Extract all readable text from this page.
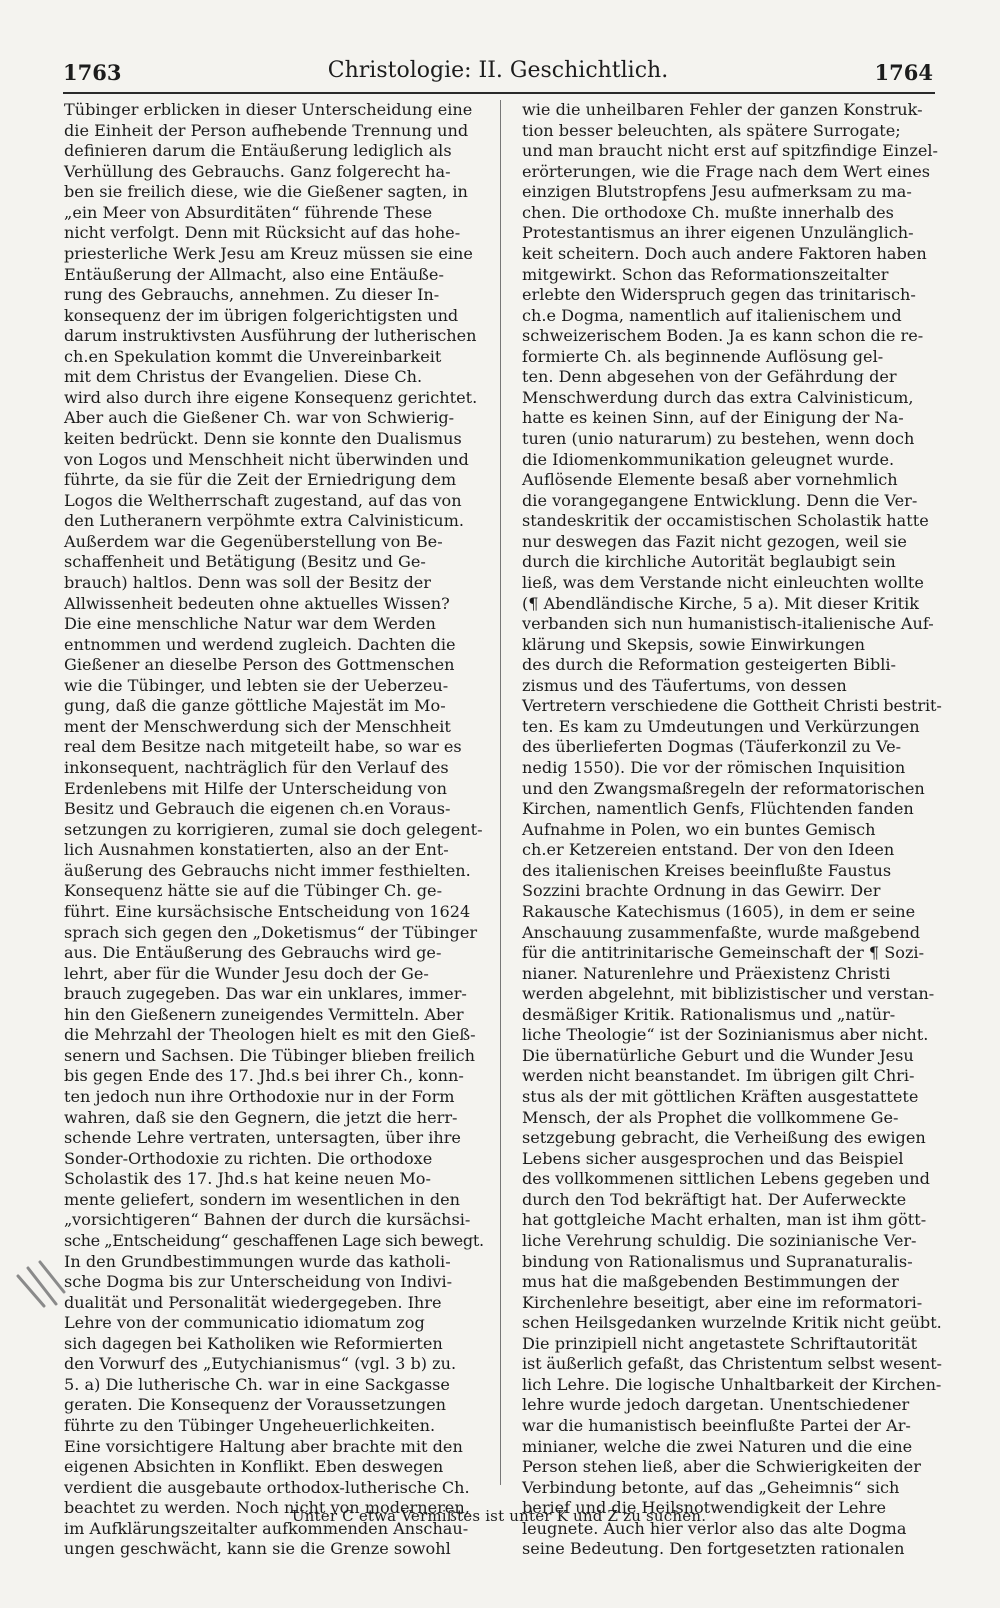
1763	Christologie: II. Geschichtlich.	1764
Tübinger erblicken in dieser Unterscheidung eine
die Einheit der Person aufhebende Trennung und
definieren darum die Entäußerung lediglich als
Verhüllung des Gebrauchs. Ganz folgerecht ha-
ben sie freilich diese, wie die Gießener sagten, in
„ein Meer von Absurditäten“ führende These
nicht verfolgt. Denn mit Rücksicht auf das hohe-
priesterliche Werk Jesu am Kreuz müssen sie eine
Entäußerung der Allmacht, also eine Entäuße-
rung des Gebrauchs, annehmen. Zu dieser In-
konsequenz der im übrigen folgerichtigsten und
darum instruktivsten Ausführung der lutherischen
ch.en Spekulation kommt die Unvereinbarkeit
mit dem Christus der Evangelien. Diese Ch.
wird also durch ihre eigene Konsequenz gerichtet.
Aber auch die Gießener Ch. war von Schwierig-
keiten bedrückt. Denn sie konnte den Dualismus
von Logos und Menschheit nicht überwinden und
führte, da sie für die Zeit der Erniedrigung dem
Logos die Weltherrschaft zugestand, auf das von
den Lutheranern verpöhmte extra Calvinisticum.
Außerdem war die Gegenüberstellung von Be-
schaffenheit und Betätigung (Besitz und Ge-
brauch) haltlos. Denn was soll der Besitz der
Allwissenheit bedeuten ohne aktuelles Wissen?
Die eine menschliche Natur war dem Werden
entnommen und werdend zugleich. Dachten die
Gießener an dieselbe Person des Gottmenschen
wie die Tübinger, und lebten sie der Ueberzeu-
gung, daß die ganze göttliche Majestät im Mo-
ment der Menschwerdung sich der Menschheit
real dem Besitze nach mitgeteilt habe, so war es
inkonsequent, nachträglich für den Verlauf des
Erdenlebens mit Hilfe der Unterscheidung von
Besitz und Gebrauch die eigenen ch.en Voraus-
setzungen zu korrigieren, zumal sie doch gelegent-
lich Ausnahmen konstatierten, also an der Ent-
äußerung des Gebrauchs nicht immer festhielten.
Konsequenz hätte sie auf die Tübinger Ch. ge-
führt. Eine kursächsische Entscheidung von 1624
sprach sich gegen den „Doketismus“ der Tübinger
aus. Die Entäußerung des Gebrauchs wird ge-
lehrt, aber für die Wunder Jesu doch der Ge-
brauch zugegeben. Das war ein unklares, immer-
hin den Gießenern zuneigendes Vermitteln. Aber
die Mehrzahl der Theologen hielt es mit den Gieß-
senern und Sachsen. Die Tübinger blieben freilich
bis gegen Ende des 17. Jhd.s bei ihrer Ch., konn-
ten jedoch nun ihre Orthodoxie nur in der Form
wahren, daß sie den Gegnern, die jetzt die herr-
schende Lehre vertraten, untersagten, über ihre
Sonder-Orthodoxie zu richten. Die orthodoxe
Scholastik des 17. Jhd.s hat keine neuen Mo-
mente geliefert, sondern im wesentlichen in den
„vorsichtigeren“ Bahnen der durch die kursächsi-
sche „Entscheidung“ geschaffenen Lage sich bewegt.
In den Grundbestimmungen wurde das katholi-
sche Dogma bis zur Unterscheidung von Indivi-
dualität und Personalität wiedergegeben. Ihre
Lehre von der communicatio idiomatum zog
sich dagegen bei Katholiken wie Reformierten
den Vorwurf des „Eutychianismus“ (vgl. 3 b) zu.
5. a) Die lutherische Ch. war in eine Sackgasse
geraten. Die Konsequenz der Voraussetzungen
führte zu den Tübinger Ungeheuerlichkeiten.
Eine vorsichtigere Haltung aber brachte mit den
eigenen Absichten in Konflikt. Eben deswegen
verdient die ausgebaute orthodox-lutherische Ch.
beachtet zu werden. Noch nicht von moderneren,
im Aufklärungszeitalter aufkommenden Anschau-
ungen geschwächt, kann sie die Grenze sowohl
wie die unheilbaren Fehler der ganzen Konstruk-
tion besser beleuchten, als spätere Surrogate;
und man braucht nicht erst auf spitzfindige Einzel-
erörterungen, wie die Frage nach dem Wert eines
einzigen Blutstropfens Jesu aufmerksam zu ma-
chen. Die orthodoxe Ch. mußte innerhalb des
Protestantismus an ihrer eigenen Unzulänglich-
keit scheitern. Doch auch andere Faktoren haben
mitgewirkt. Schon das Reformationszeitalter
erlebte den Widerspruch gegen das trinitarisch-
ch.e Dogma, namentlich auf italienischem und
schweizerischem Boden. Ja es kann schon die re-
formierte Ch. als beginnende Auflösung gel-
ten. Denn abgesehen von der Gefährdung der
Menschwerdung durch das extra Calvinisticum,
hatte es keinen Sinn, auf der Einigung der Na-
turen (unio naturarum) zu bestehen, wenn doch
die Idiomenkommunikation geleugnet wurde.
Auflösende Elemente besaß aber vornehmlich
die vorangegangene Entwicklung. Denn die Ver-
standeskritik der occamistischen Scholastik hatte
nur deswegen das Fazit nicht gezogen, weil sie
durch die kirchliche Autorität beglaubigt sein
ließ, was dem Verstande nicht einleuchten wollte
(¶ Abendländische Kirche, 5 a). Mit dieser Kritik
verbanden sich nun humanistisch-italienische Auf-
klärung und Skepsis, sowie Einwirkungen
des durch die Reformation gesteigerten Bibli-
zismus und des Täufertums, von dessen
Vertretern verschiedene die Gottheit Christi bestrit-
ten. Es kam zu Umdeutungen und Verkürzungen
des überlieferten Dogmas (Täuferkonzil zu Ve-
nedig 1550). Die vor der römischen Inquisition
und den Zwangsmaßregeln der reformatorischen
Kirchen, namentlich Genfs, Flüchtenden fanden
Aufnahme in Polen, wo ein buntes Gemisch
ch.er Ketzereien entstand. Der von den Ideen
des italienischen Kreises beeinflußte Faustus
Sozzini brachte Ordnung in das Gewirr. Der
Rakausche Katechismus (1605), in dem er seine
Anschauung zusammenfaßte, wurde maßgebend
für die antitrinitarische Gemeinschaft der ¶ Sozi-
nianer. Naturenlehre und Präexistenz Christi
werden abgelehnt, mit biblizistischer und verstan-
desmäßiger Kritik. Rationalismus und „natür-
liche Theologie“ ist der Sozinianismus aber nicht.
Die übernatürliche Geburt und die Wunder Jesu
werden nicht beanstandet. Im übrigen gilt Chri-
stus als der mit göttlichen Kräften ausgestattete
Mensch, der als Prophet die vollkommene Ge-
setzgebung gebracht, die Verheißung des ewigen
Lebens sicher ausgesprochen und das Beispiel
des vollkommenen sittlichen Lebens gegeben und
durch den Tod bekräftigt hat. Der Auferweckte
hat gottgleiche Macht erhalten, man ist ihm gött-
liche Verehrung schuldig. Die sozinianische Ver-
bindung von Rationalismus und Supranaturalis-
mus hat die maßgebenden Bestimmungen der
Kirchenlehre beseitigt, aber eine im reformatori-
schen Heilsgedanken wurzelnde Kritik nicht geübt.
Die prinzipiell nicht angetastete Schriftautorität
ist äußerlich gefaßt, das Christentum selbst wesent-
lich Lehre. Die logische Unhaltbarkeit der Kirchen-
lehre wurde jedoch dargetan. Unentschiedener
war die humanistisch beeinflußte Partei der Ar-
minianer, welche die zwei Naturen und die eine
Person stehen ließ, aber die Schwierigkeiten der
Verbindung betonte, auf das „Geheimnis“ sich
berief und die Heilsnotwendigkeit der Lehre
leugnete. Auch hier verlor also das alte Dogma
seine Bedeutung. Den fortgesetzten rationalen
Unter C etwa Vermißtes ist unter K und Z zu suchen.
